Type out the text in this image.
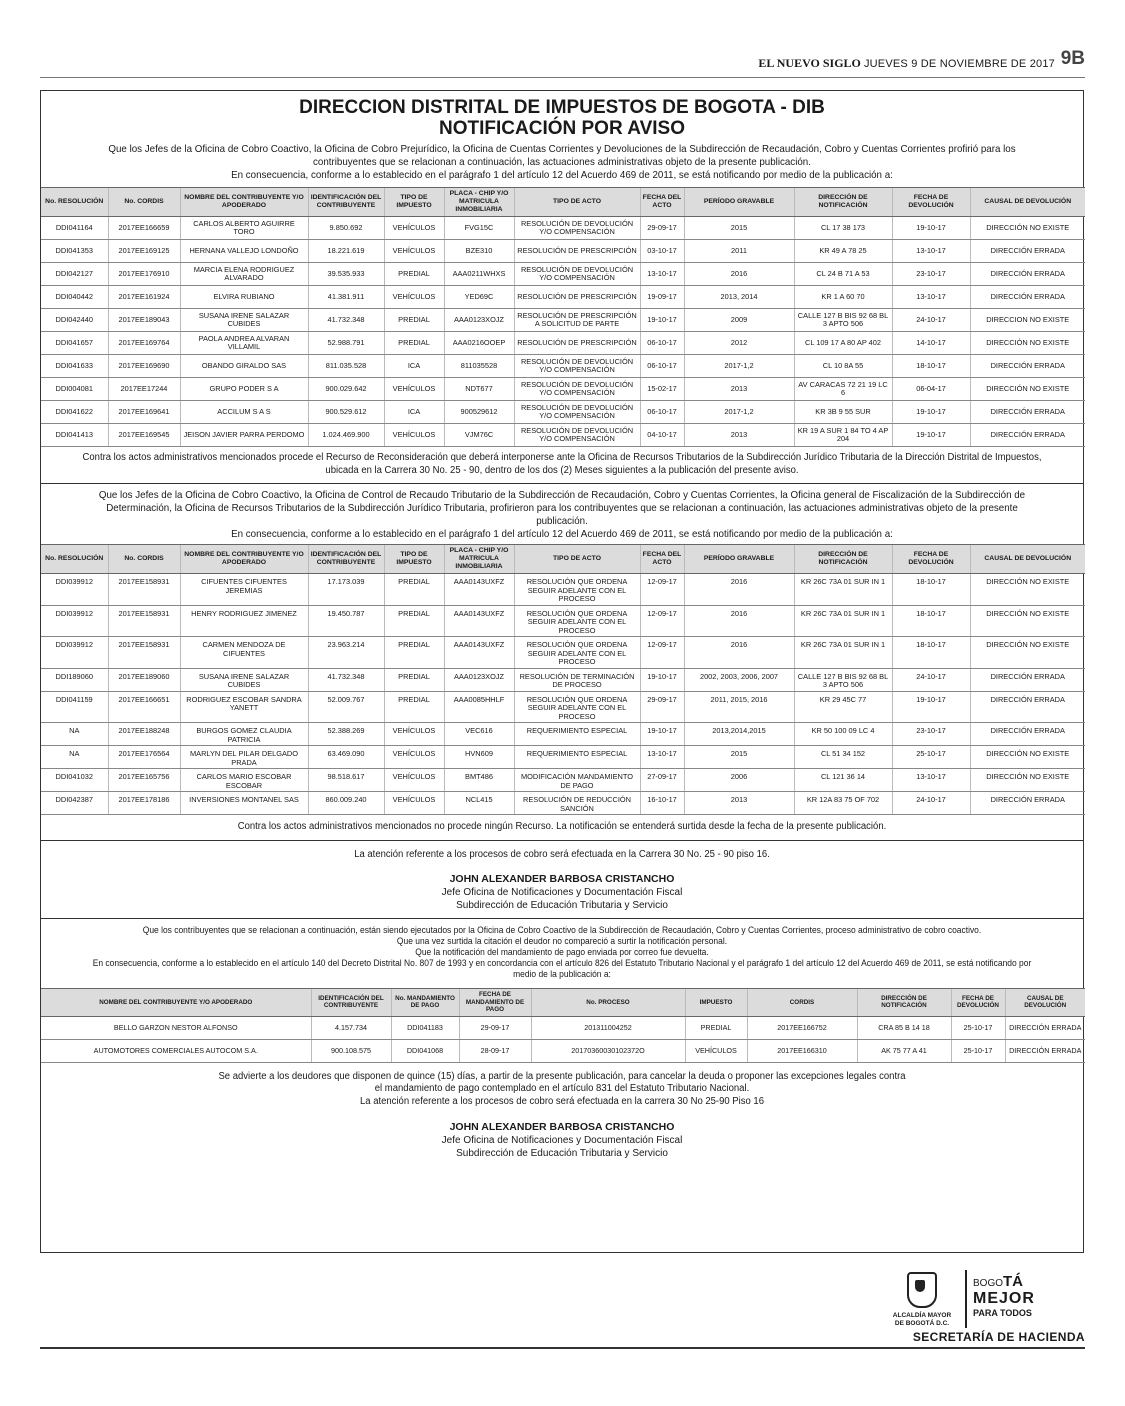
EL NUEVO SIGLO JUEVES 9 DE NOVIEMBRE DE 2017 9B
DIRECCION DISTRITAL DE IMPUESTOS DE BOGOTA - DIB
NOTIFICACIÓN POR AVISO
Que los Jefes de la Oficina de Cobro Coactivo, la Oficina de Cobro Prejurídico, la Oficina de Cuentas Corrientes y Devoluciones de la Subdirección de Recaudación, Cobro y Cuentas Corrientes profirió para los contribuyentes que se relacionan a continuación, las actuaciones administrativas objeto de la presente publicación.
En consecuencia, conforme a lo establecido en el parágrafo 1 del artículo 12 del Acuerdo 469 de 2011, se está notificando por medio de la publicación a:
No. RESOLUCIÓN	No. CORDIS	NOMBRE DEL CONTRIBUYENTE Y/O APODERADO	IDENTIFICACIÓN DEL CONTRIBUYENTE	TIPO DE IMPUESTO	PLACA - CHIP Y/O MATRICULA INMOBILIARIA	TIPO DE ACTO	FECHA DEL ACTO	PERÍODO GRAVABLE	DIRECCIÓN DE NOTIFICACIÓN	FECHA DE DEVOLUCIÓN	CAUSAL DE DEVOLUCIÓN
DDI041164	2017EE166659	CARLOS ALBERTO AGUIRRE TORO	9.850.692	VEHÍCULOS	FVG15C	RESOLUCIÓN DE DEVOLUCIÓN Y/O COMPENSACIÓN	29-09-17	2015	CL 17 38 173	19-10-17	DIRECCIÓN NO EXISTE
DDI041353	2017EE169125	HERNANA VALLEJO LONDOÑO	18.221.619	VEHÍCULOS	BZE310	RESOLUCIÓN DE PRESCRIPCIÓN	03-10-17	2011	KR 49 A 78 25	13-10-17	DIRECCIÓN ERRADA
DDI042127	2017EE176910	MARCIA ELENA RODRIGUEZ ALVARADO	39.535.933	PREDIAL	AAA0211WHXS	RESOLUCIÓN DE DEVOLUCIÓN Y/O COMPENSACIÓN	13-10-17	2016	CL 24 B 71 A 53	23-10-17	DIRECCIÓN ERRADA
DDI040442	2017EE161924	ELVIRA RUBIANO	41.381.911	VEHÍCULOS	YED69C	RESOLUCIÓN DE PRESCRIPCIÓN	19-09-17	2013, 2014	KR 1 A 60 70	13-10-17	DIRECCIÓN ERRADA
DDI042440	2017EE189043	SUSANA IRENE SALAZAR CUBIDES	41.732.348	PREDIAL	AAA0123XOJZ	RESOLUCIÓN DE PRESCRIPCIÓN A SOLICITUD DE PARTE	19-10-17	2009	CALLE 127 B BIS 92 68 BL 3 APTO 506	24-10-17	DIRECCION NO EXISTE
DDI041657	2017EE169764	PAOLA ANDREA ALVARAN VILLAMIL	52.988.791	PREDIAL	AAA0216OOEP	RESOLUCIÓN DE PRESCRIPCIÓN	06-10-17	2012	CL 109 17 A 80 AP 402	14-10-17	DIRECCIÓN NO EXISTE
DDI041633	2017EE169690	OBANDO GIRALDO SAS	811.035.528	ICA	811035528	RESOLUCIÓN DE DEVOLUCIÓN Y/O COMPENSACIÓN	06-10-17	2017-1,2	CL 10 8A 55	18-10-17	DIRECCIÓN ERRADA
DDI004081	2017EE17244	GRUPO PODER S A	900.029.642	VEHÍCULOS	NDT677	RESOLUCIÓN DE DEVOLUCIÓN Y/O COMPENSACIÓN	15-02-17	2013	AV CARACAS 72 21 19 LC 6	06-04-17	DIRECCIÓN NO EXISTE
DDI041622	2017EE169641	ACCILUM S A S	900.529.612	ICA	900529612	RESOLUCIÓN DE DEVOLUCIÓN Y/O COMPENSACIÓN	06-10-17	2017-1,2	KR 3B 9 55 SUR	19-10-17	DIRECCIÓN ERRADA
DDI041413	2017EE169545	JEISON JAVIER PARRA PERDOMO	1.024.469.900	VEHÍCULOS	VJM76C	RESOLUCIÓN DE DEVOLUCIÓN Y/O COMPENSACIÓN	04-10-17	2013	KR 19 A SUR 1 84 TO 4 AP 204	19-10-17	DIRECCIÓN ERRADA
Contra los actos administrativos mencionados procede el Recurso de Reconsideración que deberá interponerse ante la Oficina de Recursos Tributarios de la Subdirección Jurídico Tributaria de la Dirección Distrital de Impuestos, ubicada en la Carrera 30 No. 25 - 90, dentro de los dos (2) Meses siguientes a la publicación del presente aviso.
Que los Jefes de la Oficina de Cobro Coactivo, la Oficina de Control de Recaudo Tributario de la Subdirección de Recaudación, Cobro y Cuentas Corrientes, la Oficina general de Fiscalización de la Subdirección de Determinación, la Oficina de Recursos Tributarios de la Subdirección Jurídico Tributaria, profirieron para los contribuyentes que se relacionan a continuación, las actuaciones administrativas objeto de la presente publicación.
En consecuencia, conforme a lo establecido en el parágrafo 1 del artículo 12 del Acuerdo 469 de 2011, se está notificando por medio de la publicación a:
No. RESOLUCIÓN	No. CORDIS	NOMBRE DEL CONTRIBUYENTE Y/O APODERADO	IDENTIFICACIÓN DEL CONTRIBUYENTE	TIPO DE IMPUESTO	PLACA - CHIP Y/O MATRICULA INMOBILIARIA	TIPO DE ACTO	FECHA DEL ACTO	PERÍODO GRAVABLE	DIRECCIÓN DE NOTIFICACIÓN	FECHA DE DEVOLUCIÓN	CAUSAL DE DEVOLUCIÓN
DDI039912	2017EE158931	CIFUENTES CIFUENTES JEREMIAS	17.173.039	PREDIAL	AAA0143UXFZ	RESOLUCIÓN QUE ORDENA SEGUIR ADELANTE CON EL PROCESO	12-09-17	2016	KR 26C 73A 01 SUR IN 1	18-10-17	DIRECCIÓN NO EXISTE
DDI039912	2017EE158931	HENRY RODRIGUEZ JIMENEZ	19.450.787	PREDIAL	AAA0143UXFZ	RESOLUCIÓN QUE ORDENA SEGUIR ADELANTE CON EL PROCESO	12-09-17	2016	KR 26C 73A 01 SUR IN 1	18-10-17	DIRECCIÓN NO EXISTE
DDI039912	2017EE158931	CARMEN MENDOZA DE CIFUENTES	23.963.214	PREDIAL	AAA0143UXFZ	RESOLUCIÓN QUE ORDENA SEGUIR ADELANTE CON EL PROCESO	12-09-17	2016	KR 26C 73A 01 SUR IN 1	18-10-17	DIRECCIÓN NO EXISTE
DDI189060	2017EE189060	SUSANA IRENE SALAZAR CUBIDES	41.732.348	PREDIAL	AAA0123XOJZ	RESOLUCIÓN DE TERMINACIÓN DE PROCESO	19-10-17	2002, 2003, 2006, 2007	CALLE 127 B BIS 92 68 BL 3 APTO 506	24-10-17	DIRECCIÓN ERRADA
DDI041159	2017EE166651	RODRIGUEZ ESCOBAR SANDRA YANETT	52.009.767	PREDIAL	AAA0085HHLF	RESOLUCIÓN QUE ORDENA SEGUIR ADELANTE CON EL PROCESO	29-09-17	2011, 2015, 2016	KR 29 45C 77	19-10-17	DIRECCIÓN ERRADA
NA	2017EE188248	BURGOS GOMEZ CLAUDIA PATRICIA	52.388.269	VEHÍCULOS	VEC616	REQUERIMIENTO ESPECIAL	19-10-17	2013,2014,2015	KR 50 100 09 LC 4	23-10-17	DIRECCIÓN ERRADA
NA	2017EE176564	MARLYN DEL PILAR DELGADO PRADA	63.469.090	VEHÍCULOS	HVN609	REQUERIMIENTO ESPECIAL	13-10-17	2015	CL 51 34 152	25-10-17	DIRECCIÓN NO EXISTE
DDI041032	2017EE165756	CARLOS MARIO ESCOBAR ESCOBAR	98.518.617	VEHÍCULOS	BMT486	MODIFICACIÓN MANDAMIENTO DE PAGO	27-09-17	2006	CL 121 36 14	13-10-17	DIRECCIÓN NO EXISTE
DDI042387	2017EE178186	INVERSIONES MONTANEL SAS	860.009.240	VEHÍCULOS	NCL415	RESOLUCIÓN DE REDUCCIÓN SANCIÓN	16-10-17	2013	KR 12A 83 75 OF 702	24-10-17	DIRECCIÓN ERRADA
Contra los actos administrativos mencionados no procede ningún Recurso. La notificación se entenderá surtida desde la fecha de la presente publicación.
La atención referente a los procesos de cobro será efectuada en la Carrera 30 No. 25 - 90 piso 16.
JOHN ALEXANDER BARBOSA CRISTANCHO
Jefe Oficina de Notificaciones y Documentación Fiscal
Subdirección de Educación Tributaria y Servicio
Que los contribuyentes que se relacionan a continuación, están siendo ejecutados por la Oficina de Cobro Coactivo de la Subdirección de Recaudación, Cobro y Cuentas Corrientes, proceso administrativo de cobro coactivo.
Que una vez surtida la citación el deudor no compareció a surtir la notificación personal.
Que la notificación del mandamiento de pago enviada por correo fue devuelta.
En consecuencia, conforme a lo establecido en el artículo 140 del Decreto Distrital No. 807 de 1993 y en concordancia con el artículo 826 del Estatuto Tributario Nacional y el parágrafo 1 del artículo 12 del Acuerdo 469 de 2011, se está notificando por medio de la publicación a:
NOMBRE DEL CONTRIBUYENTE Y/O APODERADO	IDENTIFICACIÓN DEL CONTRIBUYENTE	No. MANDAMIENTO DE PAGO	FECHA DE MANDAMIENTO DE PAGO	No. PROCESO	IMPUESTO	CORDIS	DIRECCIÓN DE NOTIFICACIÓN	FECHA DE DEVOLUCIÓN	CAUSAL DE DEVOLUCIÓN
BELLO GARZON NESTOR ALFONSO	4.157.734	DDI041183	29-09-17	201311004252	PREDIAL	2017EE166752	CRA 85 B 14 18	25-10-17	DIRECCIÓN ERRADA
AUTOMOTORES COMERCIALES AUTOCOM S.A.	900.108.575	DDI041068	28-09-17	20170360030102372O	VEHÍCULOS	2017EE166310	AK 75 77 A 41	25-10-17	DIRECCIÓN ERRADA
Se advierte a los deudores que disponen de quince (15) días, a partir de la presente publicación, para cancelar la deuda o proponer las excepciones legales contra
el mandamiento de pago contemplado en el artículo 831 del Estatuto Tributario Nacional.
La atención referente a los procesos de cobro será efectuada en la carrera 30 No 25-90 Piso 16
JOHN ALEXANDER BARBOSA CRISTANCHO
Jefe Oficina de Notificaciones y Documentación Fiscal
Subdirección de Educación Tributaria y Servicio
ALCALDÍA MAYOR
DE BOGOTÁ D.C.
BOGOTÁ
MEJOR
PARA TODOS
SECRETARÍA DE HACIENDA
